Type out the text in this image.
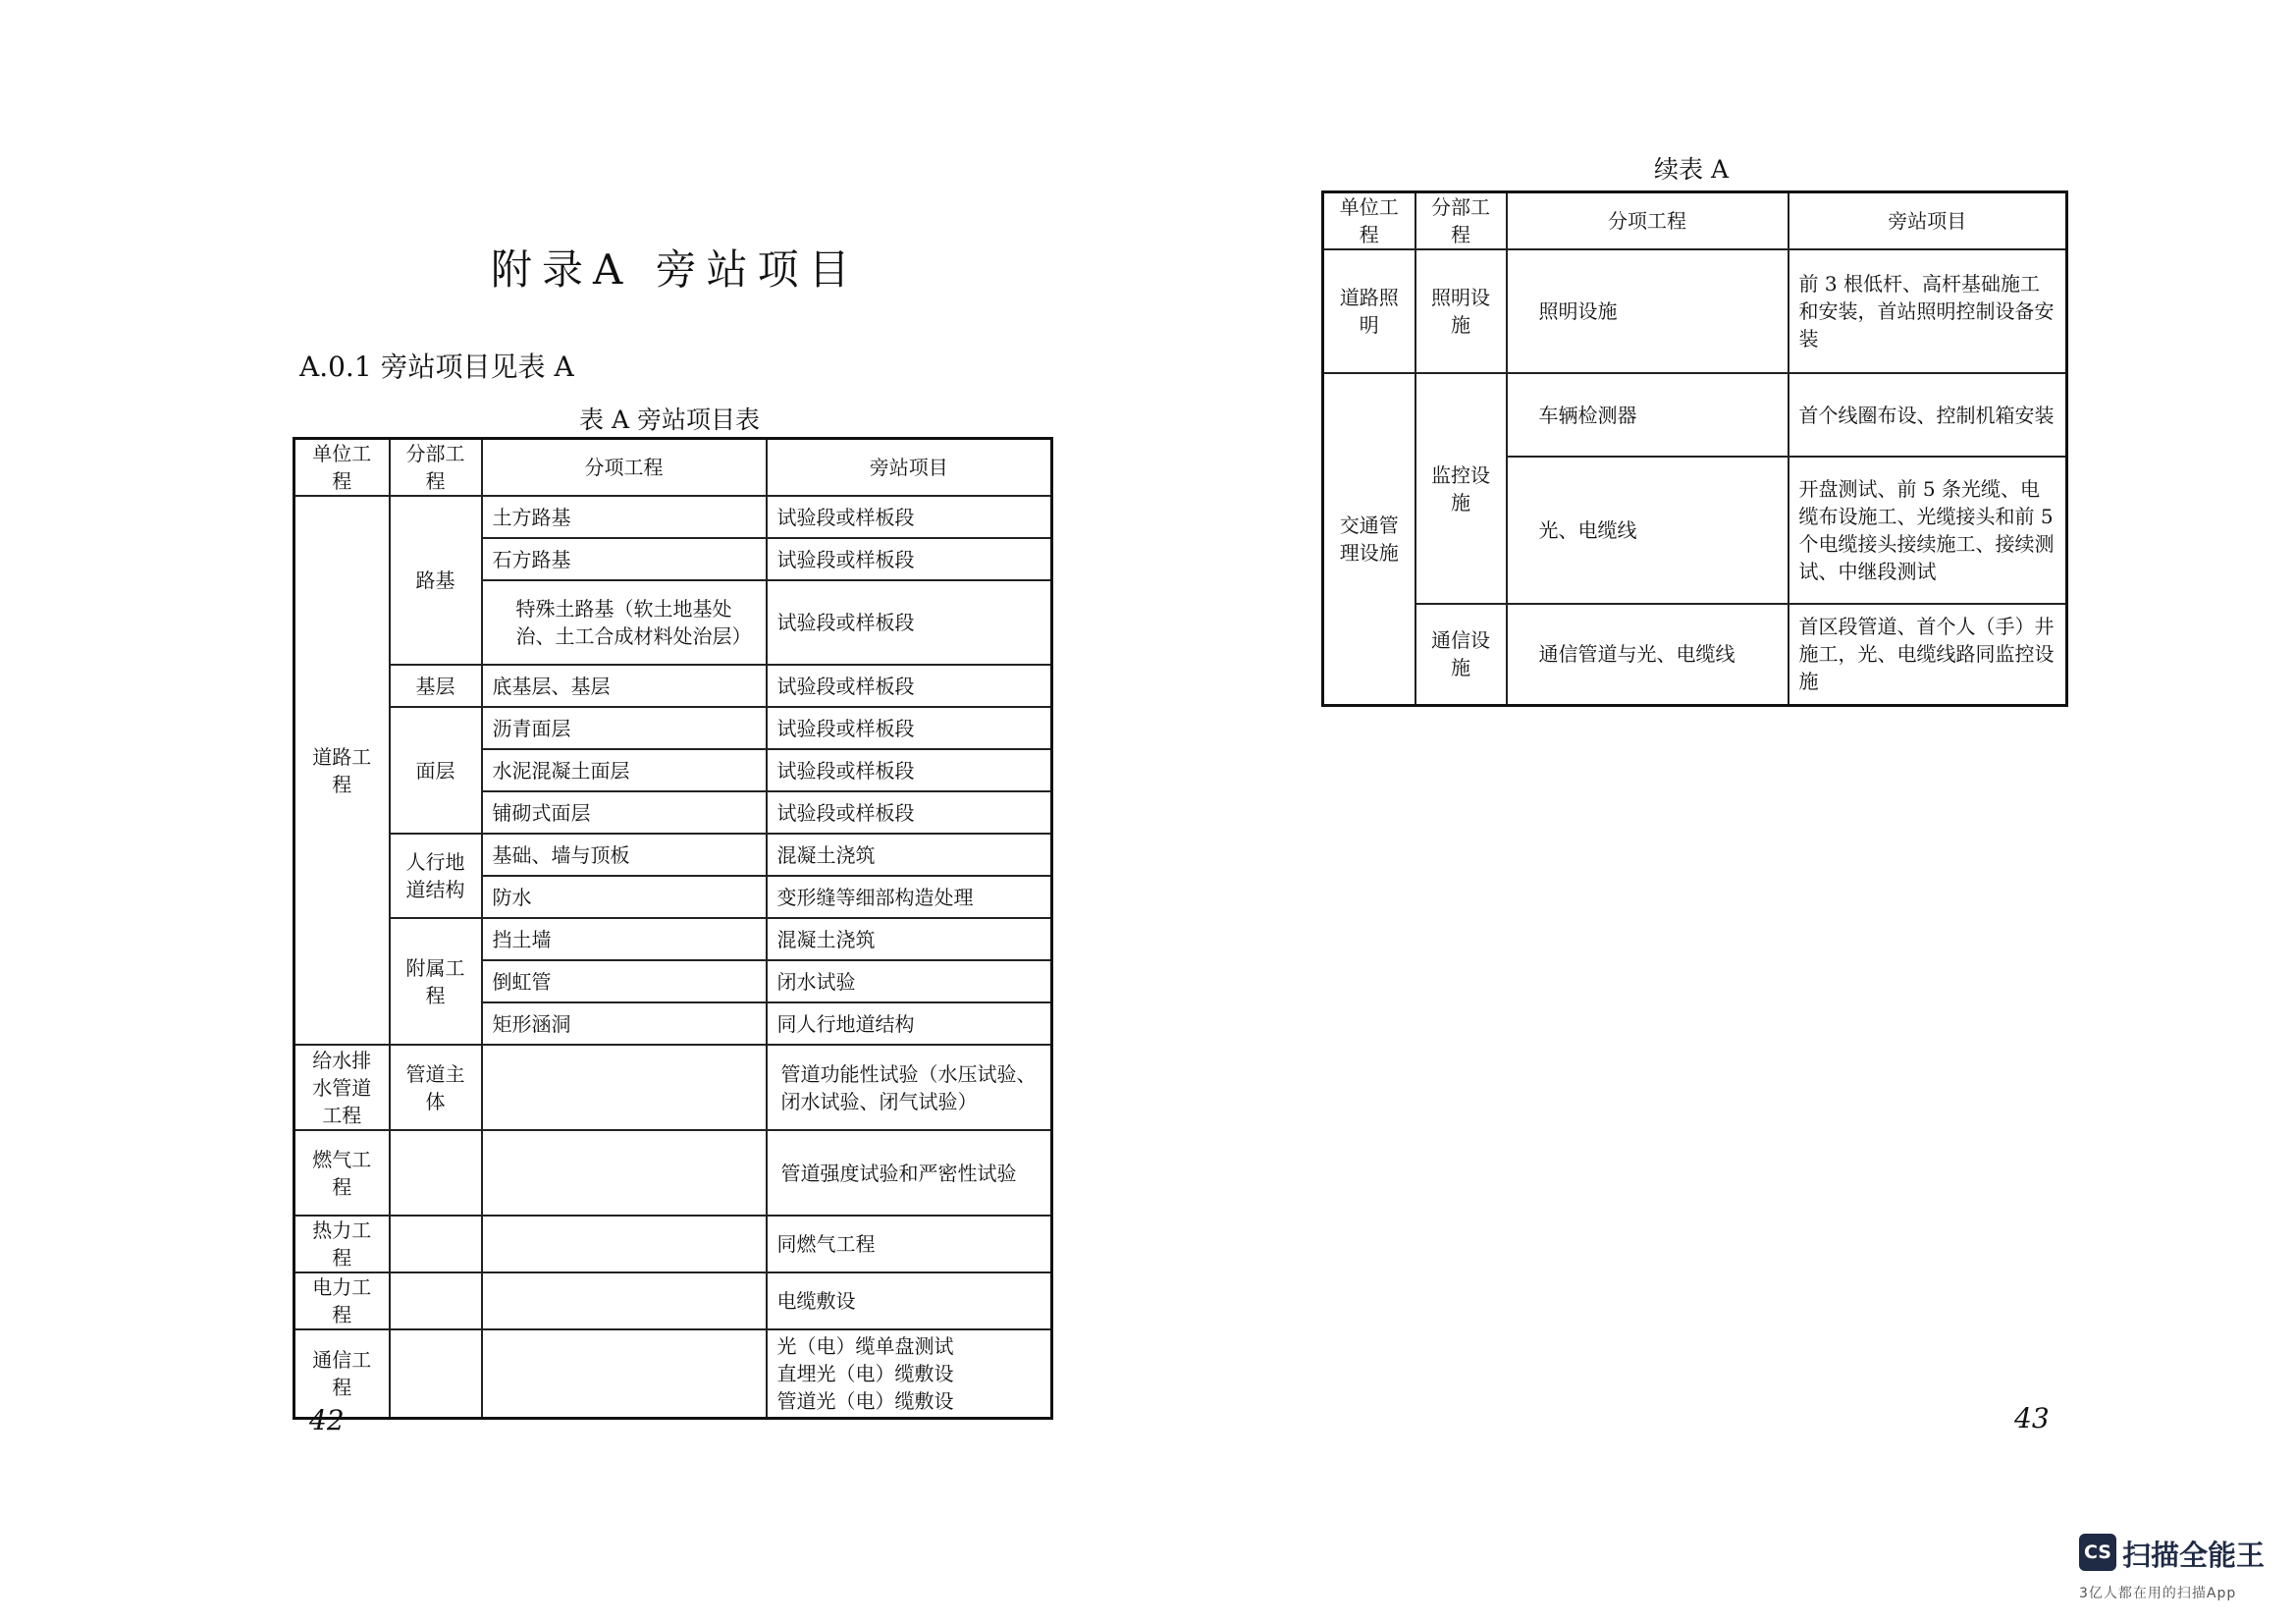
附录A 旁站项目
A.0.1 旁站项目见表 A
表 A 旁站项目表
单位工程	分部工程	分项工程	旁站项目
道路工程	路基	土方路基	试验段或样板段
		石方路基	试验段或样板段
		特殊土路基（软土地基处治、土工合成材料处治层）	试验段或样板段
	基层	底基层、基层	试验段或样板段
	面层	沥青面层	试验段或样板段
		水泥混凝土面层	试验段或样板段
		铺砌式面层	试验段或样板段
	人行地道结构	基础、墙与顶板	混凝土浇筑
		防水	变形缝等细部构造处理
	附属工程	挡土墙	混凝土浇筑
		倒虹管	闭水试验
		矩形涵洞	同人行地道结构
给水排水管道工程	管道主体		管道功能性试验（水压试验、闭水试验、闭气试验）
燃气工程			管道强度试验和严密性试验
热力工程			同燃气工程
电力工程			电缆敷设
通信工程			光（电）缆单盘测试
直埋光（电）缆敷设
管道光（电）缆敷设
42
续表 A
单位工程	分部工程	分项工程	旁站项目
道路照明	照明设施	照明设施	前 3 根低杆、高杆基础施工和安装，首站照明控制设备安装
交通管理设施	监控设施	车辆检测器	首个线圈布设、控制机箱安装
		光、电缆线	开盘测试、前 5 条光缆、电缆布设施工、光缆接头和前 5 个电缆接头接续施工、接续测试、中继段测试
	通信设施	通信管道与光、电缆线	首区段管道、首个人（手）井施工，光、电缆线路同监控设施
43
CS 扫描全能王
3亿人都在用的扫描App
